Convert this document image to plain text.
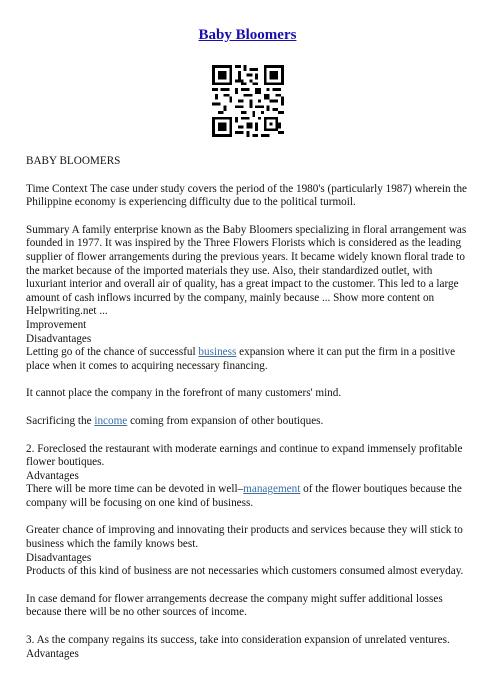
Baby Bloomers

BABY BLOOMERS

Time Context The case under study covers the period of the 1980's (particularly 1987) wherein the Philippine economy is experiencing difficulty due to the political turmoil.

Summary A family enterprise known as the Baby Bloomers specializing in floral arrangement was founded in 1977. It was inspired by the Three Flowers Florists which is considered as the leading supplier of flower arrangements during the previous years. It became widely known floral trade to the market because of the imported materials they use. Also, their standardized outlet, with luxuriant interior and overall air of quality, has a great impact to the customer. This led to a large amount of cash inflows incurred by the company, mainly because ... Show more content on Helpwriting.net ...
Improvement
Disadvantages
Letting go of the chance of successful business expansion where it can put the firm in a positive place when it comes to acquiring necessary financing.

It cannot place the company in the forefront of many customers' mind.

Sacrificing the income coming from expansion of other boutiques.

2. Foreclosed the restaurant with moderate earnings and continue to expand immensely profitable flower boutiques.
Advantages
There will be more time can be devoted in well–management of the flower boutiques because the company will be focusing on one kind of business.

Greater chance of improving and innovating their products and services because they will stick to business which the family knows best.
Disadvantages
Products of this kind of business are not necessaries which customers consumed almost everyday.

In case demand for flower arrangements decrease the company might suffer additional losses because there will be no other sources of income.

3. As the company regains its success, take into consideration expansion of unrelated ventures.
Advantages
